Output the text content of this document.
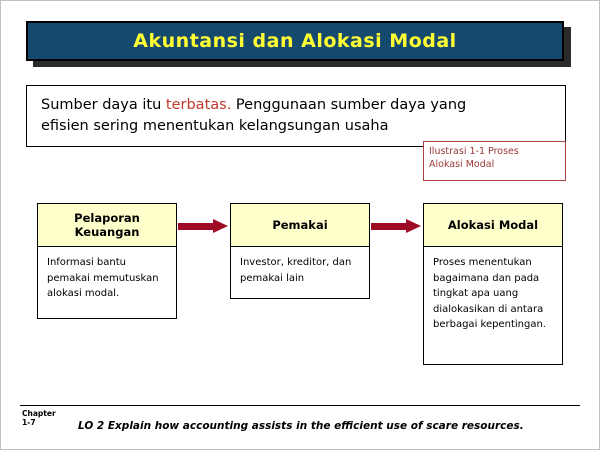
Akuntansi dan Alokasi Modal
Sumber daya itu terbatas. Penggunaan sumber daya yang
efisien sering menentukan kelangsungan usaha
Ilustrasi 1-1 Proses
Alokasi Modal
Pelaporan
Keuangan
Informasi bantu pemakai memutuskan alokasi modal.
Pemakai
Investor, kreditor, dan pemakai lain
Alokasi Modal
Proses menentukan bagaimana dan pada tingkat apa uang dialokasikan di antara berbagai kepentingan.
Chapter
1-7	LO 2 Explain how accounting assists in the efficient use of scare resources.
